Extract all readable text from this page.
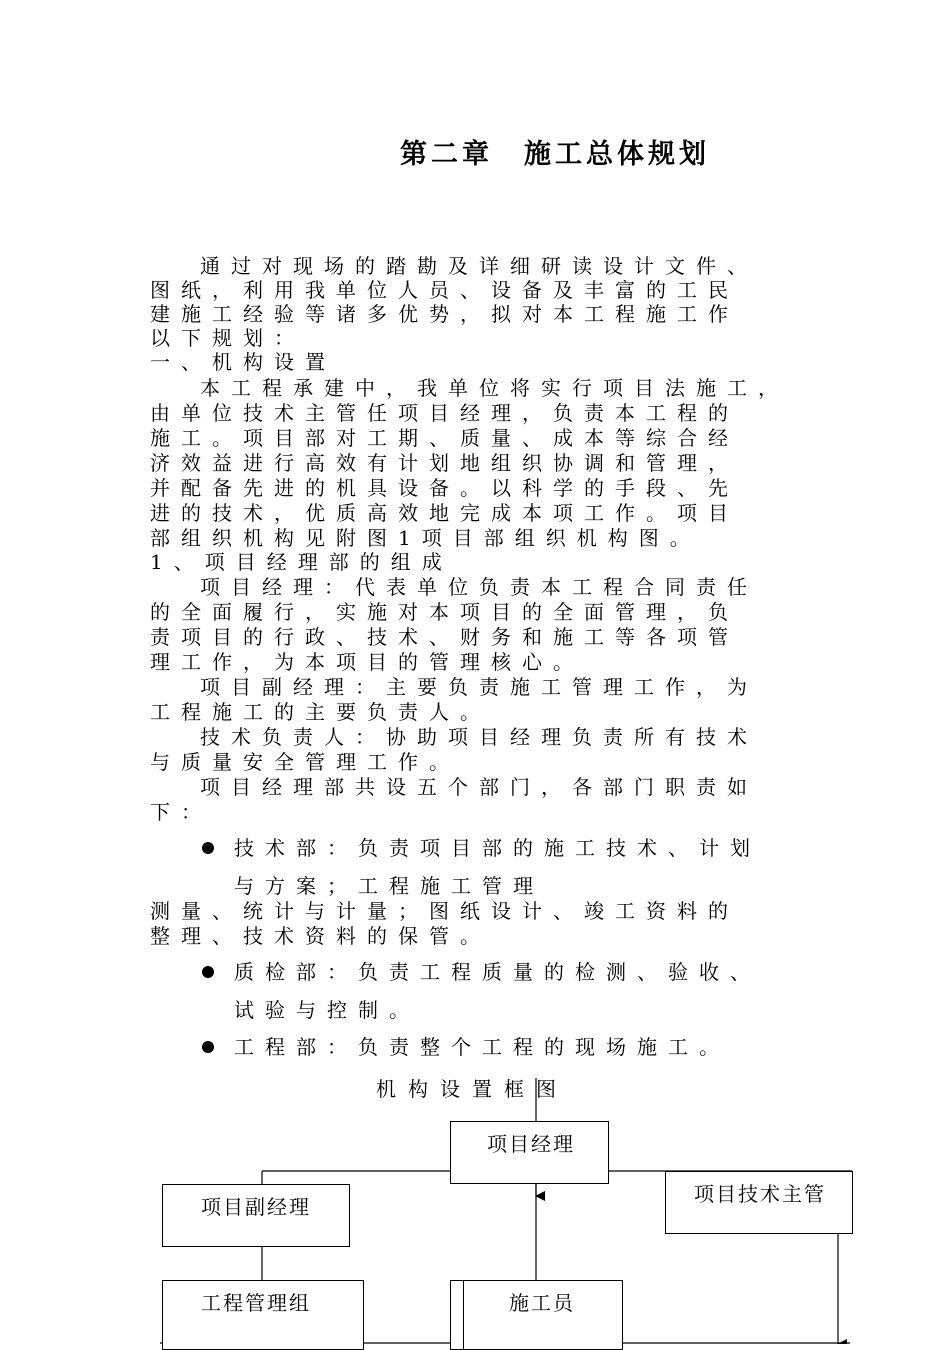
第二章　施工总体规划
通过对现场的踏勘及详细研读设计文件、
图纸，利用我单位人员、设备及丰富的工民
建施工经验等诸多优势，拟对本工程施工作
以下规划：
一、机构设置
本工程承建中，我单位将实行项目法施工，
由单位技术主管任项目经理，负责本工程的
施工。项目部对工期、质量、成本等综合经
济效益进行高效有计划地组织协调和管理，
并配备先进的机具设备。以科学的手段、先
进的技术，优质高效地完成本项工作。项目
部组织机构见附图1项目部组织机构图。
1、项目经理部的组成
项目经理：代表单位负责本工程合同责任
的全面履行，实施对本项目的全面管理，负
责项目的行政、技术、财务和施工等各项管
理工作，为本项目的管理核心。
项目副经理：主要负责施工管理工作，为
工程施工的主要负责人。
技术负责人：协助项目经理负责所有技术
与质量安全管理工作。
项目经理部共设五个部门，各部门职责如
下：
技术部：负责项目部的施工技术、计划
与方案；工程施工管理
测量、统计与计量；图纸设计、竣工资料的
整理、技术资料的保管。
质检部：负责工程质量的检测、验收、
试验与控制。
工程部：负责整个工程的现场施工。
机构设置框图
项目经理
项目副经理
项目技术主管
工程管理组	施工员
